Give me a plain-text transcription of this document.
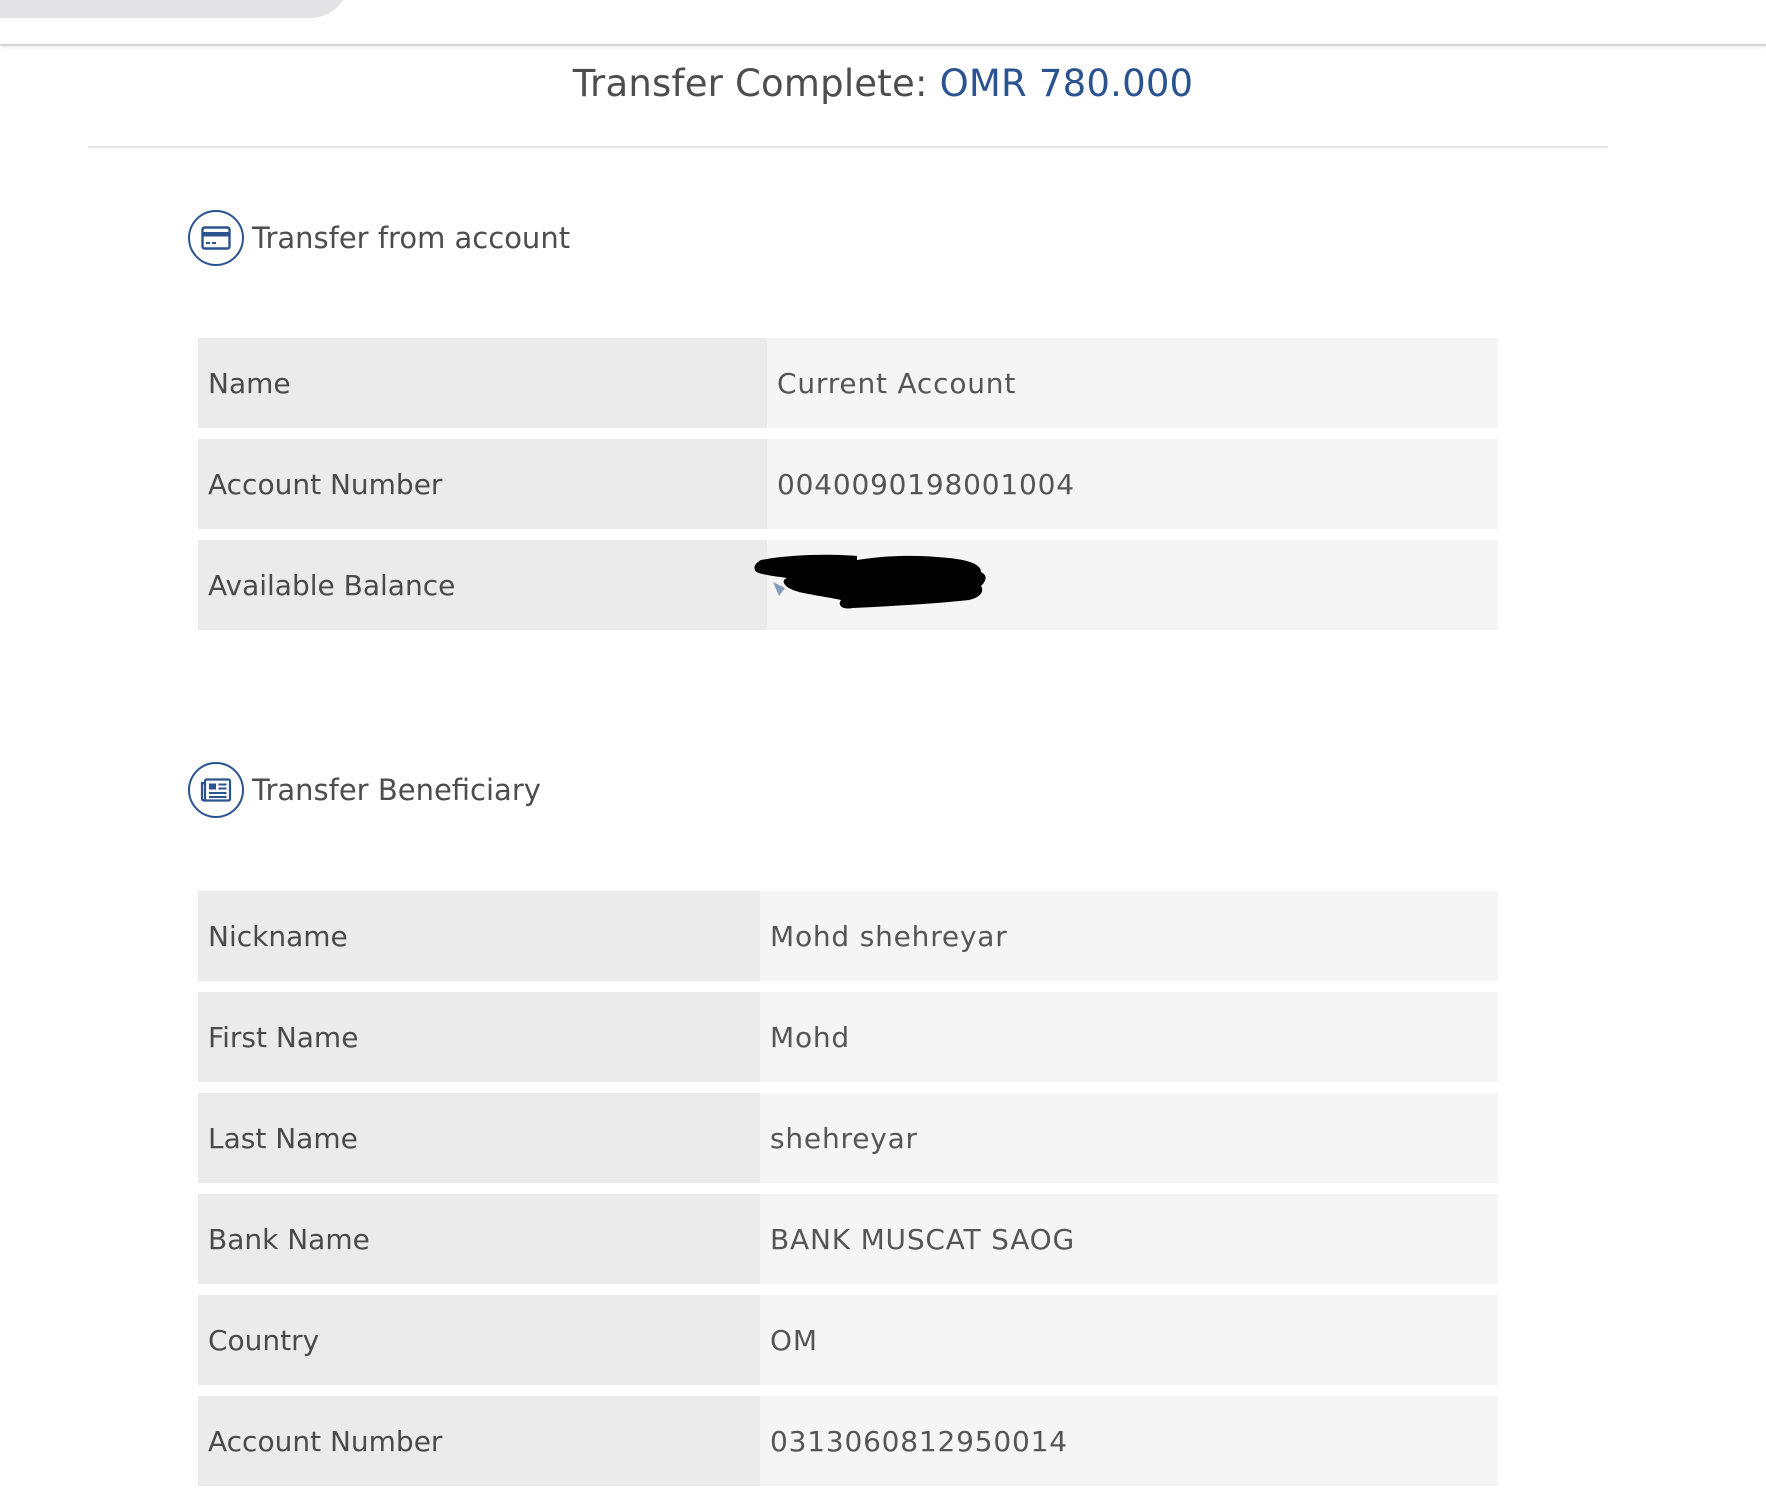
Transfer Complete: OMR 780.000
Transfer from account
Name	Current Account
Account Number	0040090198001004
Available Balance
Transfer Beneficiary
Nickname	Mohd shehreyar
First Name	Mohd
Last Name	shehreyar
Bank Name	BANK MUSCAT SAOG
Country	OM
Account Number	0313060812950014
